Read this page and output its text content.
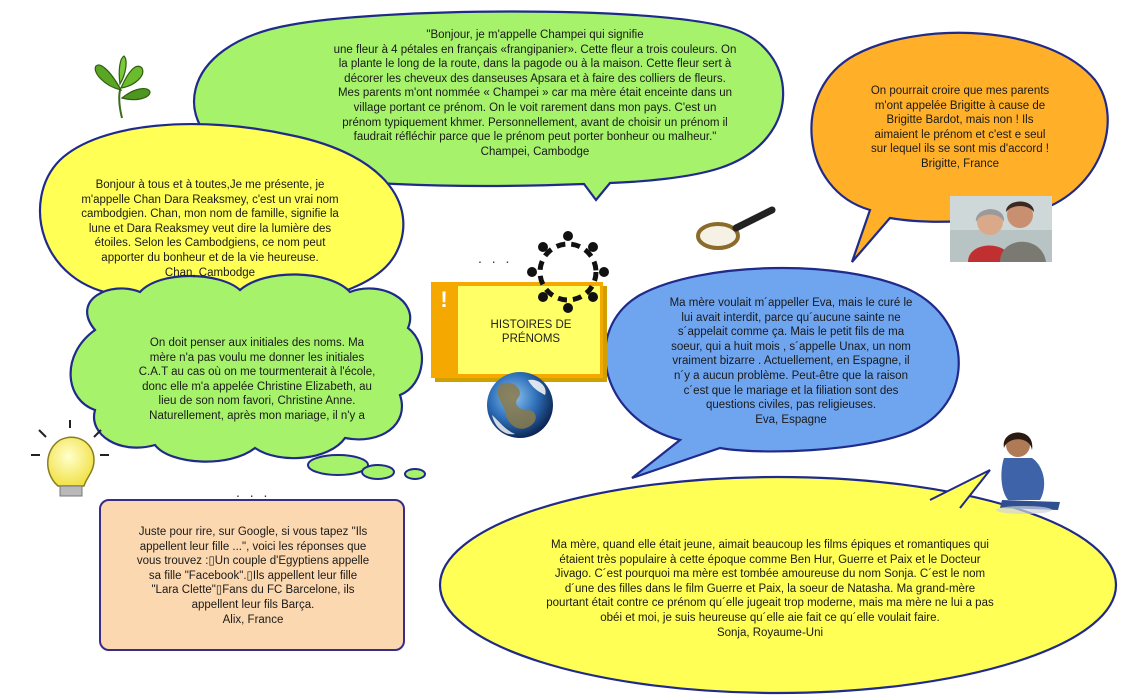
"Bonjour, je m'appelle Champei qui signifie

une fleur à 4 pétales en français «frangipanier». Cette fleur a trois couleurs. On

la plante le long de la route, dans la pagode ou à la maison. Cette fleur sert à

décorer les cheveux des danseuses Apsara et à faire des colliers de fleurs.

Mes parents m'ont nommée « Champei » car ma mère était enceinte dans un

village portant ce prénom. On le voit rarement dans mon pays. C'est un

prénom typiquement khmer. Personnellement, avant de choisir un prénom il

faudrait réfléchir parce que le prénom peut porter bonheur ou malheur."

Champei, Cambodge

On pourrait croire que mes parents

m'ont appelée Brigitte à cause de

Brigitte Bardot, mais non ! Ils

aimaient le prénom et c'est e seul

sur lequel ils se sont mis d'accord !

Brigitte, France

Bonjour à tous et à toutes,Je me présente, je

m'appelle Chan Dara Reaksmey, c'est un vrai nom

cambodgien. Chan, mon nom de famille, signifie la

lune et Dara Reaksmey veut dire la lumière des

étoiles. Selon les Cambodgiens, ce nom peut

apporter du bonheur et de la vie heureuse.

Chan, Cambodge

On doit penser aux initiales des noms. Ma

mère n'a pas voulu me donner les initiales

C.A.T au cas où on me tourmenterait à l'école,

donc elle m'a appelée Christine Elizabeth, au

lieu de son nom favori, Christine Anne.

Naturellement, après mon mariage, il n'y a

Ma mère voulait m´appeller Eva, mais le curé le

lui avait interdit, parce qu´aucune sainte ne

s´appelait comme ça. Mais le petit fils de ma

soeur, qui a huit mois , s´appelle Unax, un nom

vraiment bizarre . Actuellement, en Espagne, il

n´y a aucun problème. Peut-être que la raison

c´est que le mariage et la filiation sont des

questions civiles, pas religieuses.

Eva, Espagne

Juste pour rire, sur Google, si vous tapez "Ils

appellent leur fille ...", voici les réponses que

vous trouvez :▯Un couple d'Egyptiens appelle

sa fille "Facebook".▯Ils appellent leur fille

"Lara Clette"▯Fans du FC Barcelone, ils

appellent leur fils Barça.

Alix, France

Ma mère, quand elle était jeune, aimait beaucoup les films épiques et romantiques qui

étaient très populaire à cette époque comme Ben Hur, Guerre et Paix et le Docteur

Jivago. C´est pourquoi ma mère est tombée amoureuse du nom Sonja. C´est le nom

d´une des filles dans le film Guerre et Paix, la soeur de Natasha. Ma grand-mère

pourtant était contre ce prénom qu´elle jugeait trop moderne, mais ma mère ne lui a pas

obéi et moi, je suis heureuse qu´elle aie fait ce qu´elle voulait faire.

Sonja, Royaume-Uni

!
HISTOIRES DE PRÉNOMS
. . .
. . .
